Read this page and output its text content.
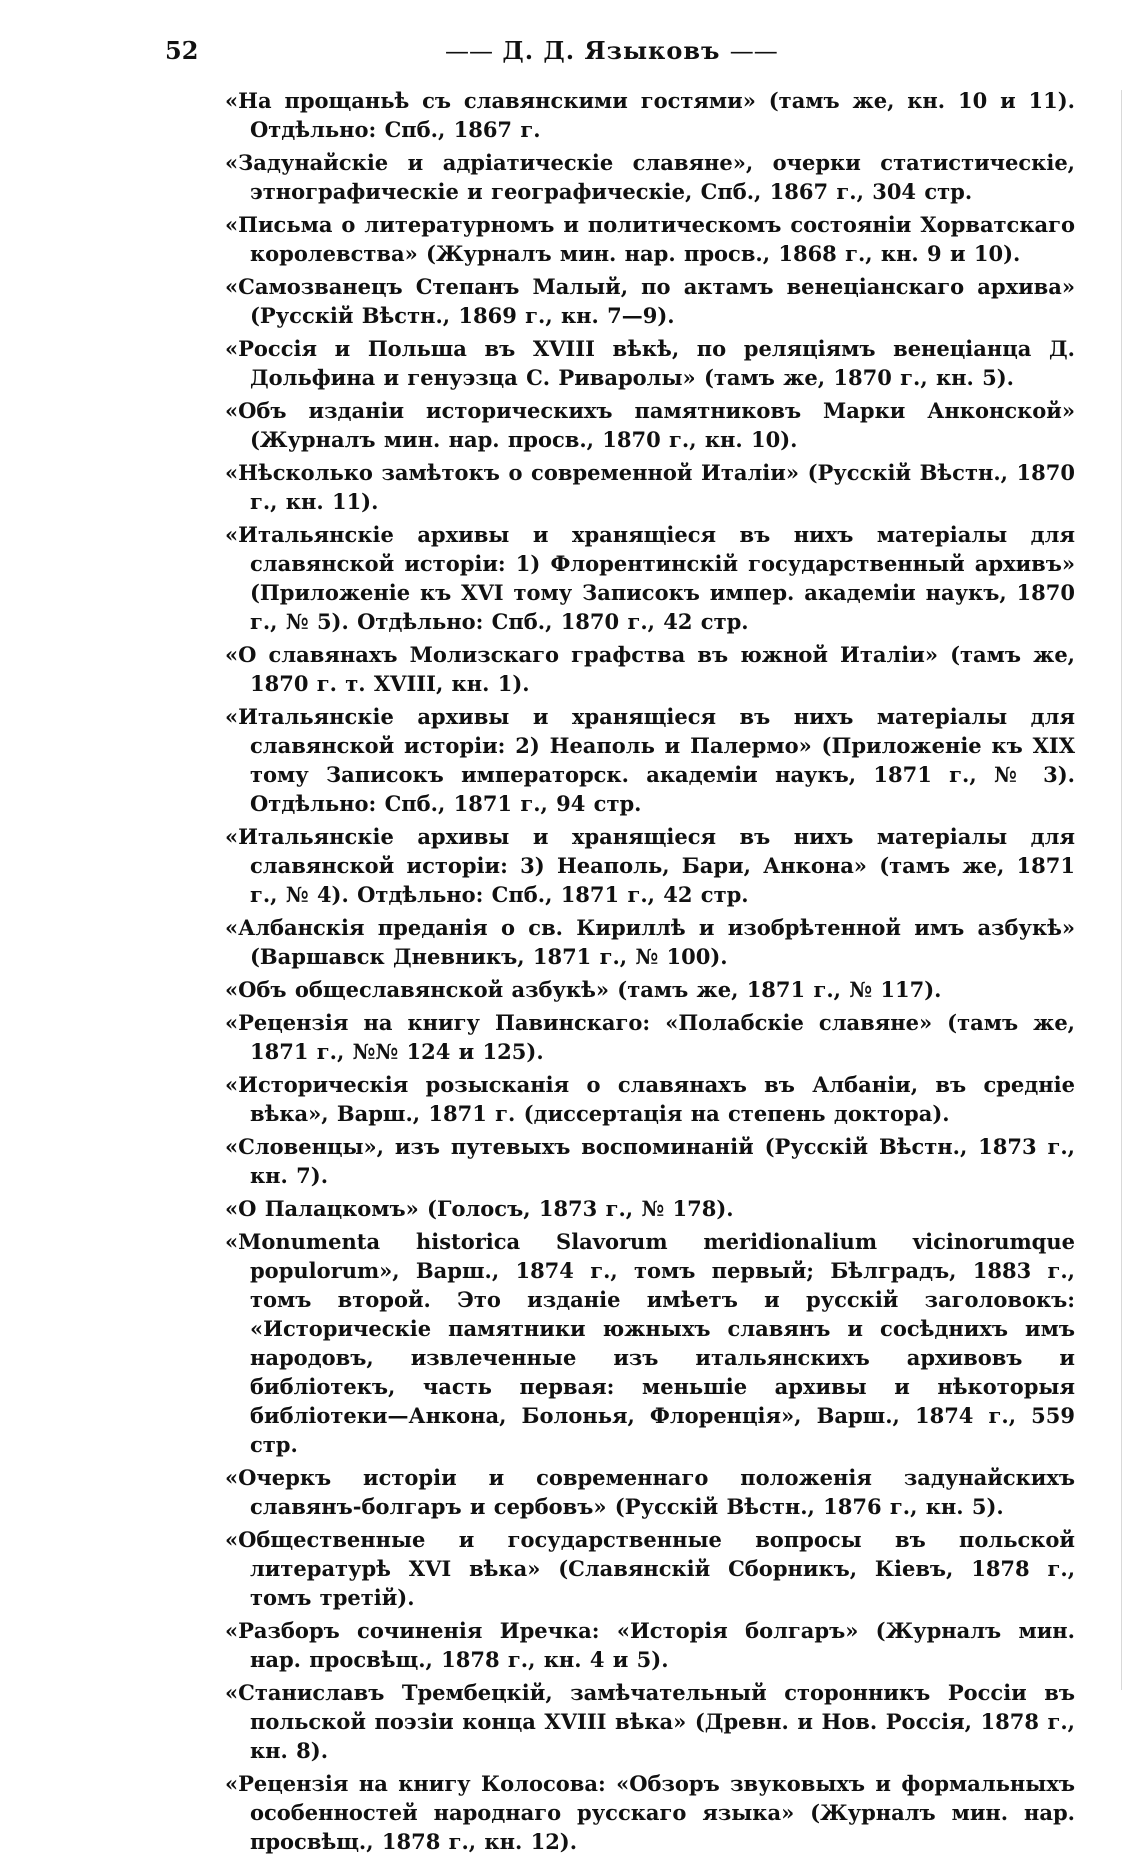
52	—— Д. Д. Языковъ ——

«На прощаньѣ съ славянскими гостями» (тамъ же, кн. 10 и 11). Отдѣльно: Спб., 1867 г.

«Задунайскіе и адріатическіе славяне», очерки статистическіе, этнографическіе и географическіе, Спб., 1867 г., 304 стр.

«Письма о литературномъ и политическомъ состояніи Хорватскаго королевства» (Журналъ мин. нар. просв., 1868 г., кн. 9 и 10).

«Самозванецъ Степанъ Малый, по актамъ венеціанскаго архива» (Русскій Вѣстн., 1869 г., кн. 7—9).

«Россія и Польша въ XVIII вѣкѣ, по реляціямъ венеціанца Д. Дольфина и генуэзца С. Риваролы» (тамъ же, 1870 г., кн. 5).

«Объ изданіи историческихъ памятниковъ Марки Анконской» (Журналъ мин. нар. просв., 1870 г., кн. 10).

«Нѣсколько замѣтокъ о современной Италіи» (Русскій Вѣстн., 1870 г., кн. 11).

«Итальянскіе архивы и хранящіеся въ нихъ матеріалы для славянской исторіи: 1) Флорентинскій государственный архивъ» (Приложеніе къ XVI тому Записокъ импер. академіи наукъ, 1870 г., № 5). Отдѣльно: Спб., 1870 г., 42 стр.

«О славянахъ Молизскаго графства въ южной Италіи» (тамъ же, 1870 г. т. XVIII, кн. 1).

«Итальянскіе архивы и хранящіеся въ нихъ матеріалы для славянской исторіи: 2) Неаполь и Палермо» (Приложеніе къ XIX тому Записокъ императорск. академіи наукъ, 1871 г., № 3). Отдѣльно: Спб., 1871 г., 94 стр.

«Итальянскіе архивы и хранящіеся въ нихъ матеріалы для славянской исторіи: 3) Неаполь, Бари, Анкона» (тамъ же, 1871 г., № 4). Отдѣльно: Спб., 1871 г., 42 стр.

«Албанскія преданія о св. Кириллѣ и изобрѣтенной имъ азбукѣ» (Варшавск Дневникъ, 1871 г., № 100).

«Объ общеславянской азбукѣ» (тамъ же, 1871 г., № 117).

«Рецензія на книгу Павинскаго: «Полабскіе славяне» (тамъ же, 1871 г., №№ 124 и 125).

«Историческія розысканія о славянахъ въ Албаніи, въ средніе вѣка», Варш., 1871 г. (диссертація на степень доктора).

«Словенцы», изъ путевыхъ воспоминаній (Русскій Вѣстн., 1873 г., кн. 7).

«О Палацкомъ» (Голосъ, 1873 г., № 178).

«Monumenta historica Slavorum meridionalium vicinorumque populorum», Варш., 1874 г., томъ первый; Бѣлградъ, 1883 г., томъ второй. Это изданіе имѣетъ и русскій заголовокъ: «Историческіе памятники южныхъ славянъ и сосѣднихъ имъ народовъ, извлеченные изъ итальянскихъ архивовъ и библіотекъ, часть первая: меньшіе архивы и нѣкоторыя библіотеки—Анкона, Болонья, Флоренція», Варш., 1874 г., 559 стр.

«Очеркъ исторіи и современнаго положенія задунайскихъ славянъ-болгаръ и сербовъ» (Русскій Вѣстн., 1876 г., кн. 5).

«Общественные и государственные вопросы въ польской литературѣ XVI вѣка» (Славянскій Сборникъ, Кіевъ, 1878 г., томъ третій).

«Разборъ сочиненія Иречка: «Исторія болгаръ» (Журналъ мин. нар. просвѣщ., 1878 г., кн. 4 и 5).

«Станиславъ Трембецкій, замѣчательный сторонникъ Россіи въ польской поэзіи конца XVIII вѣка» (Древн. и Нов. Россія, 1878 г., кн. 8).

«Рецензія на книгу Колосова: «Обзоръ звуковыхъ и формальныхъ особенностей народнаго русскаго языка» (Журналъ мин. нар. просвѣщ., 1878 г., кн. 12).
